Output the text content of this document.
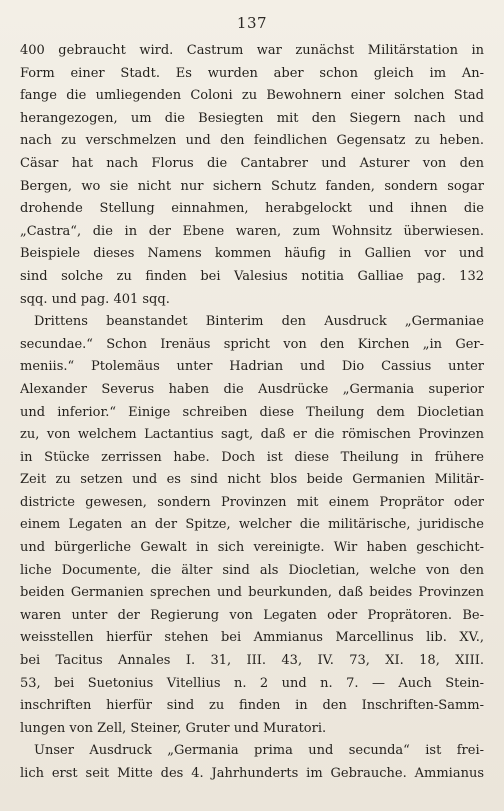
137
400 gebraucht wird. Castrum war zunächst Militärstation in
Form einer Stadt. Es wurden aber schon gleich im An-
fange die umliegenden Coloni zu Bewohnern einer solchen Stad
herangezogen, um die Besiegten mit den Siegern nach und
nach zu verschmelzen und den feindlichen Gegensatz zu heben.
Cäsar hat nach Florus die Cantabrer und Asturer von den
Bergen, wo sie nicht nur sichern Schutz fanden, sondern sogar
drohende Stellung einnahmen, herabgelockt und ihnen die
„Castra“, die in der Ebene waren, zum Wohnsitz überwiesen.
Beispiele dieses Namens kommen häufig in Gallien vor und
sind solche zu finden bei Valesius notitia Galliae pag. 132
sqq. und pag. 401 sqq.
Drittens beanstandet Binterim den Ausdruck „Germaniae
secundae.“ Schon Irenäus spricht von den Kirchen „in Ger-
meniis.“ Ptolemäus unter Hadrian und Dio Cassius unter
Alexander Severus haben die Ausdrücke „Germania superior
und inferior.“ Einige schreiben diese Theilung dem Diocletian
zu, von welchem Lactantius sagt, daß er die römischen Provinzen
in Stücke zerrissen habe. Doch ist diese Theilung in frühere
Zeit zu setzen und es sind nicht blos beide Germanien Militär-
districte gewesen, sondern Provinzen mit einem Proprätor oder
einem Legaten an der Spitze, welcher die militärische, juridische
und bürgerliche Gewalt in sich vereinigte. Wir haben geschicht-
liche Documente, die älter sind als Diocletian, welche von den
beiden Germanien sprechen und beurkunden, daß beides Provinzen
waren unter der Regierung von Legaten oder Proprätoren. Be-
weisstellen hierfür stehen bei Ammianus Marcellinus lib. XV.,
bei Tacitus Annales I. 31, III. 43, IV. 73, XI. 18, XIII.
53, bei Suetonius Vitellius n. 2 und n. 7. — Auch Stein-
inschriften hierfür sind zu finden in den Inschriften-Samm-
lungen von Zell, Steiner, Gruter und Muratori.
Unser Ausdruck „Germania prima und secunda“ ist frei-
lich erst seit Mitte des 4. Jahrhunderts im Gebrauche. Ammianus
